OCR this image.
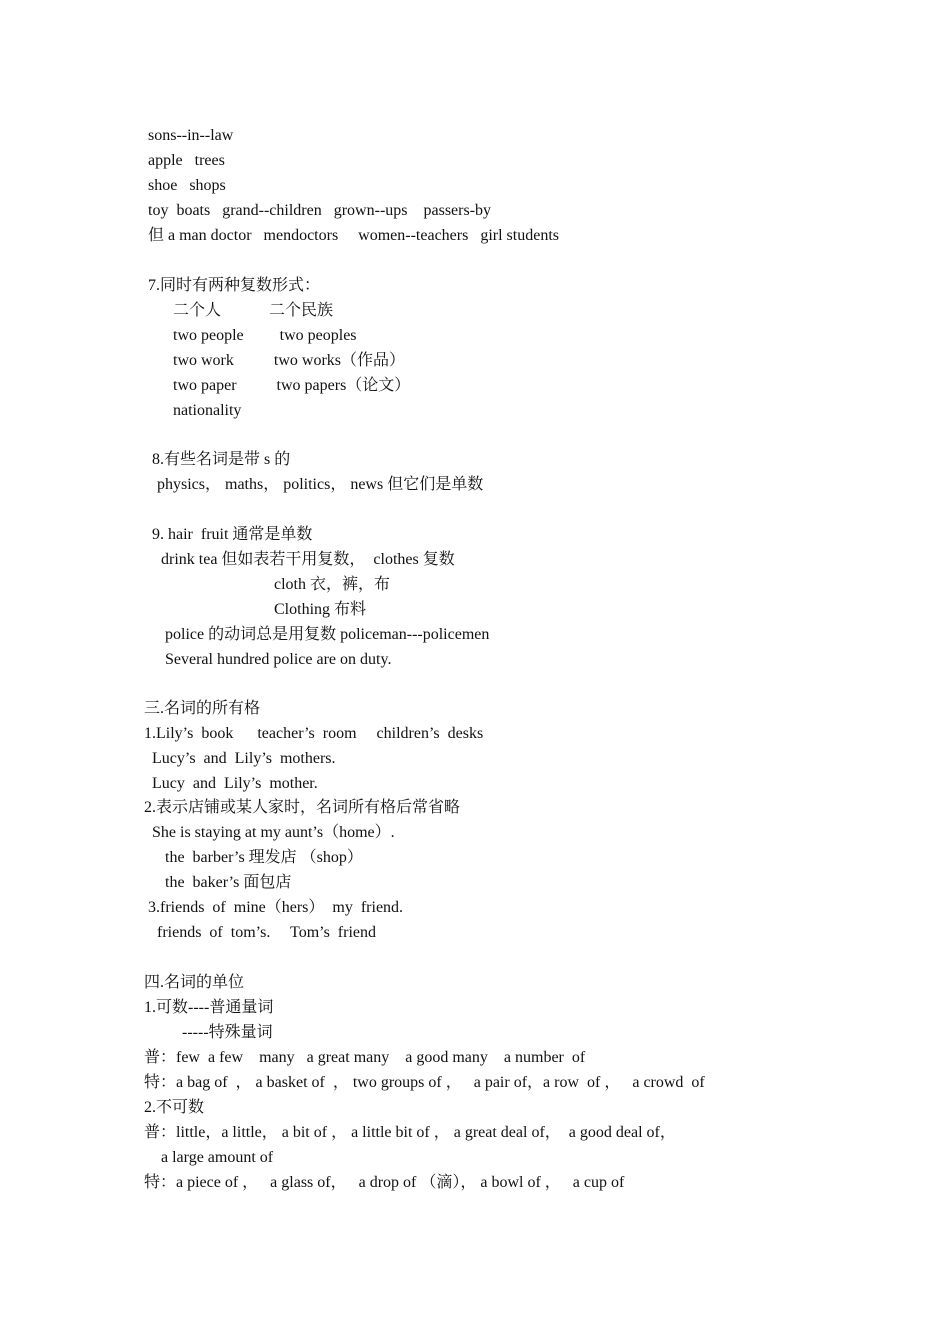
sons--in--law
apple   trees
shoe   shops
toy  boats   grand--children   grown--ups    passers-by
但 a man doctor   mendoctors     women--teachers   girl students
7.同时有两种复数形式：
二个人            二个民族
two people         two peoples
two work          two works（作品）
two paper          two papers（论文）
nationality
8.有些名词是带 s 的
physics， maths， politics， news 但它们是单数
9. hair  fruit 通常是单数
drink tea 但如表若干用复数，  clothes 复数
cloth 衣，裤，布
Clothing 布料
police 的动词总是用复数 policeman---policemen
Several hundred police are on duty.
三.名词的所有格
1.Lily’s  book      teacher’s  room     children’s  desks
Lucy’s  and  Lily’s  mothers.
Lucy  and  Lily’s  mother.
2.表示店铺或某人家时，名词所有格后常省略
She is staying at my aunt’s（home）.
the  barber’s 理发店 （shop）
the  baker’s 面包店
3.friends  of  mine（hers）  my  friend.
friends  of  tom’s.     Tom’s  friend
四.名词的单位
1.可数----普通量词
-----特殊量词
普：few  a few    many   a great many    a good many    a number  of
特：a bag of  ， a basket of  ， two groups of ，   a pair of，a row  of ，   a crowd  of
2.不可数
普：little，a little， a bit of ， a little bit of ， a great deal of，  a good deal of，
a large amount of
特：a piece of ，   a glass of，   a drop of （滴）， a bowl of ，   a cup of
